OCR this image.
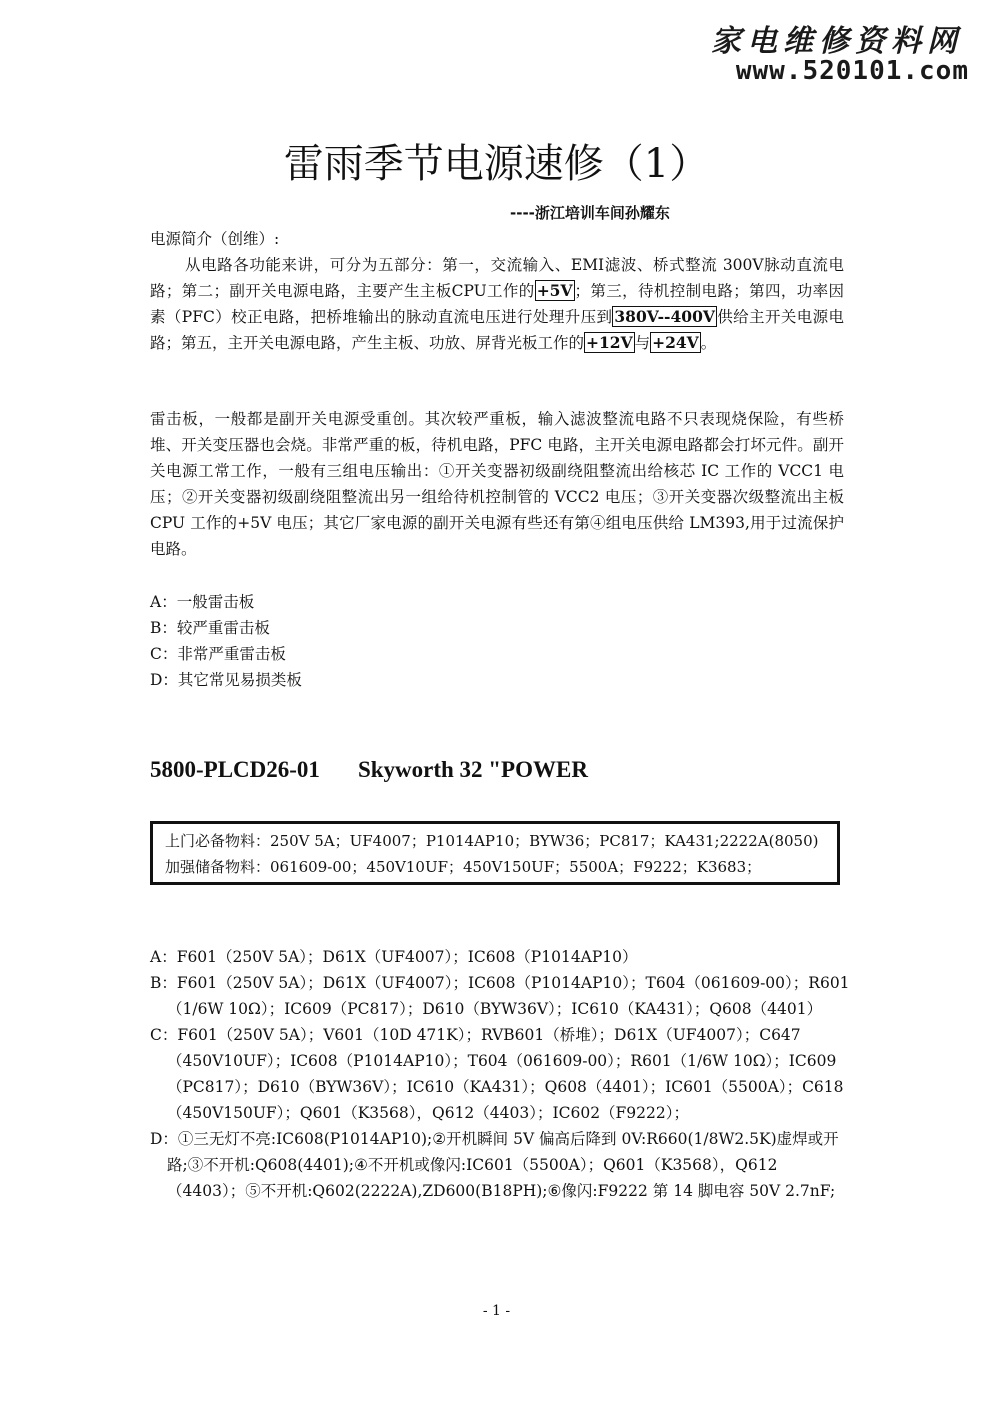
家电维修资料网
www.520101.com
雷雨季节电源速修（1）
----浙江培训车间孙耀东
电源简介（创维）:
从电路各功能来讲，可分为五部分：第一，交流输入、EMI滤波、桥式整流 300V脉动直流电路；第二；副开关电源电路，主要产生主板CPU工作的 +5V ；第三，待机控制电路；第四，功率因素（PFC）校正电路，把桥堆输出的脉动直流电压进行处理升压到 380V--400V 供给主开关电源电路；第五，主开关电源电路，产生主板、功放、屏背光板工作的 +12V 与 +24V 。
雷击板，一般都是副开关电源受重创。其次较严重板，输入滤波整流电路不只表现烧保险，有些桥堆、开关变压器也会烧。非常严重的板，待机电路，PFC 电路，主开关电源电路都会打坏元件。副开关电源工常工作，一般有三组电压输出：①开关变器初级副绕阻整流出给核芯 IC 工作的 VCC1 电压；②开关变器初级副绕阻整流出另一组给待机控制管的 VCC2 电压；③开关变器次级整流出主板 CPU 工作的+5V 电压；其它厂家电源的副开关电源有些还有第④组电压供给 LM393,用于过流保护电路。
A：一般雷击板
B：较严重雷击板
C：非常严重雷击板
D：其它常见易损类板
5800-PLCD26-01 Skyworth 32 "POWER
上门必备物料：250V 5A；UF4007；P1014AP10；BYW36；PC817；KA431;2222A(8050)
加强储备物料：061609-00；450V10UF；450V150UF；5500A；F9222；K3683；
A：F601（250V 5A）；D61X（UF4007）；IC608（P1014AP10）
B：F601（250V 5A）；D61X（UF4007）；IC608（P1014AP10）；T604（061609-00）；R601（1/6W 10Ω）；IC609（PC817）；D610（BYW36V）；IC610（KA431）；Q608（4401）
C：F601（250V 5A）；V601（10D 471K）；RVB601（桥堆）；D61X（UF4007）；C647（450V10UF）；IC608（P1014AP10）；T604（061609-00）；R601（1/6W 10Ω）；IC609（PC817）；D610（BYW36V）；IC610（KA431）；Q608（4401）；IC601（5500A）；C618（450V150UF）；Q601（K3568），Q612（4403）；IC602（F9222）；
D：①三无灯不亮:IC608(P1014AP10);②开机瞬间 5V 偏高后降到 0V:R660(1/8W2.5K)虚焊或开路;③不开机:Q608(4401);④不开机或像闪:IC601（5500A）；Q601（K3568），Q612（4403）；⑤不开机:Q602(2222A),ZD600(B18PH);⑥像闪:F9222 第 14 脚电容 50V 2.7nF;
- 1 -
